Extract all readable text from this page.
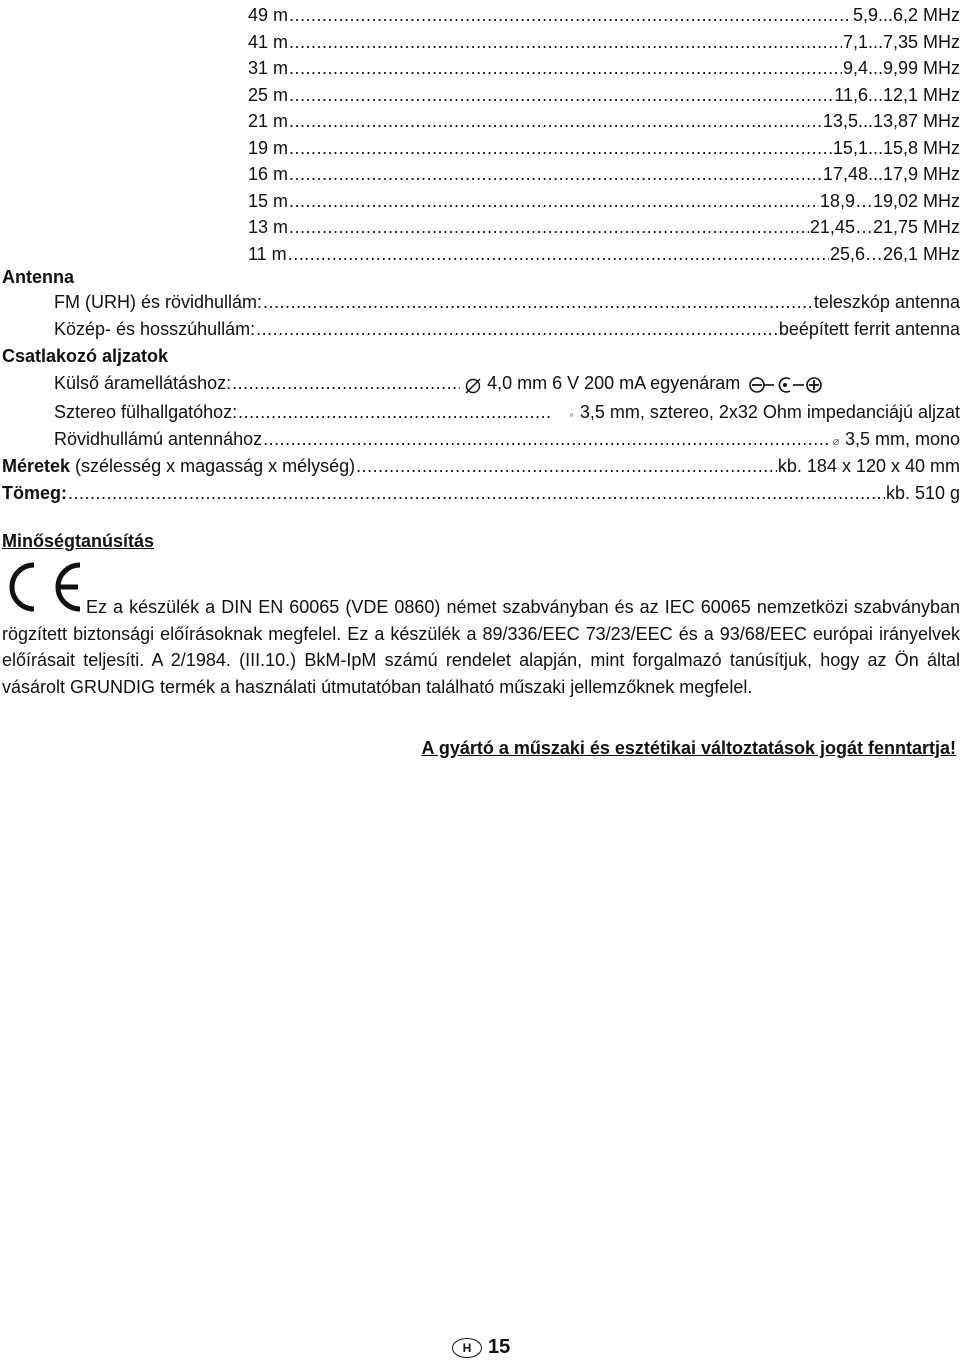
49 m .....	5,9...6,2 MHz
41 m .....	7,1...7,35 MHz
31 m .....	9,4...9,99 MHz
25 m .....	11,6...12,1 MHz
21 m .....	13,5...13,87 MHz
19 m .....	15,1...15,8 MHz
16 m .....	17,48...17,9 MHz
15 m .....	18,9…19,02 MHz
13 m .....	21,45…21,75 MHz
11 m .....	25,6…26,1 MHz
Antenna
FM (URH) és rövidhullám: .....	teleszkóp antenna
Közép- és hosszúhullám: .....	beépített ferrit antenna
Csatlakozó aljzatok
Külső áramellátáshoz: .....	4,0 mm 6 V 200 mA egyenáram
Sztereo fülhallgatóhoz: .....	3,5 mm, sztereo, 2x32 Ohm impedanciájú aljzat
Rövidhullámú antennához .....	3,5 mm, mono
Méretek (szélesség x magasság x mélység) .....	kb. 184 x 120 x 40 mm
Tömeg: .....	kb. 510 g
Minőségtanúsítás
Ez a készülék a DIN EN 60065 (VDE 0860) német szabványban és az IEC 60065 nemzetközi szabványban rögzített biztonsági előírásoknak megfelel. Ez a készülék a 89/336/EEC 73/23/EEC és a 93/68/EEC európai irányelvek előírásait teljesíti. A 2/1984. (III.10.) BkM-IpM számú rendelet alapján, mint forgalmazó tanúsítjuk, hogy az Ön által vásárolt GRUNDIG termék a használati útmutatóban található műszaki jellemzőknek megfelel.
A gyártó a műszaki és esztétikai változtatások jogát fenntartja!
H 15
